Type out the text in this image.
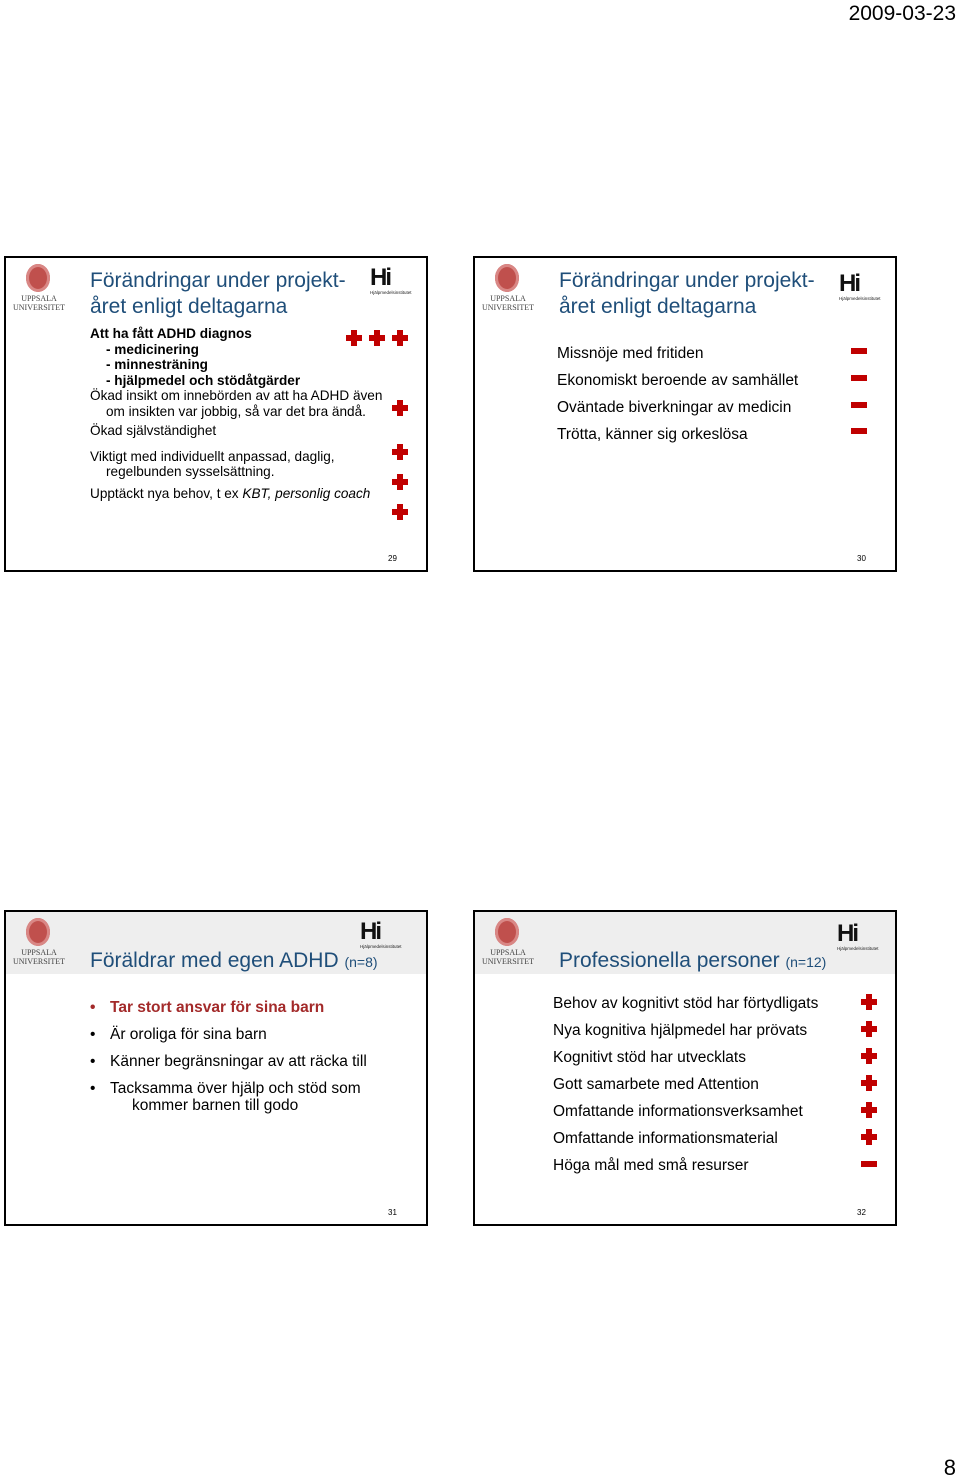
2009-03-23
UPPSALA
UNIVERSITET
Hi
Hjälpmedelsinstitutet
Förändringar under projekt-
året enligt deltagarna
Att ha fått ADHD diagnos
- medicinering
- minnesträning
- hjälpmedel och stödåtgärder
Ökad insikt om innebörden av att ha ADHD även om insikten var jobbig, så var det bra ändå.
Ökad självständighet
Viktigt med individuellt anpassad, daglig, regelbunden sysselsättning.
Upptäckt nya behov, t ex KBT, personlig coach
29
UPPSALA
UNIVERSITET
Hi
Hjälpmedelsinstitutet
Förändringar under projekt-
året enligt deltagarna
Missnöje med fritiden
Ekonomiskt beroende av samhället
Oväntade biverkningar av medicin
Trötta, känner sig orkeslösa
30
UPPSALA
UNIVERSITET
Hi
Hjälpmedelsinstitutet
Föräldrar med egen ADHD (n=8)
• Tar stort ansvar för sina barn
• Är oroliga för sina barn
• Känner begränsningar av att räcka till
• Tacksamma över hjälp och stöd som
kommer barnen till godo
31
UPPSALA
UNIVERSITET
Hi
Hjälpmedelsinstitutet
Professionella personer (n=12)
Behov av kognitivt stöd har förtydligats
Nya kognitiva hjälpmedel har prövats
Kognitivt stöd har utvecklats
Gott samarbete med Attention
Omfattande informationsverksamhet
Omfattande informationsmaterial
Höga mål med små resurser
32
8
